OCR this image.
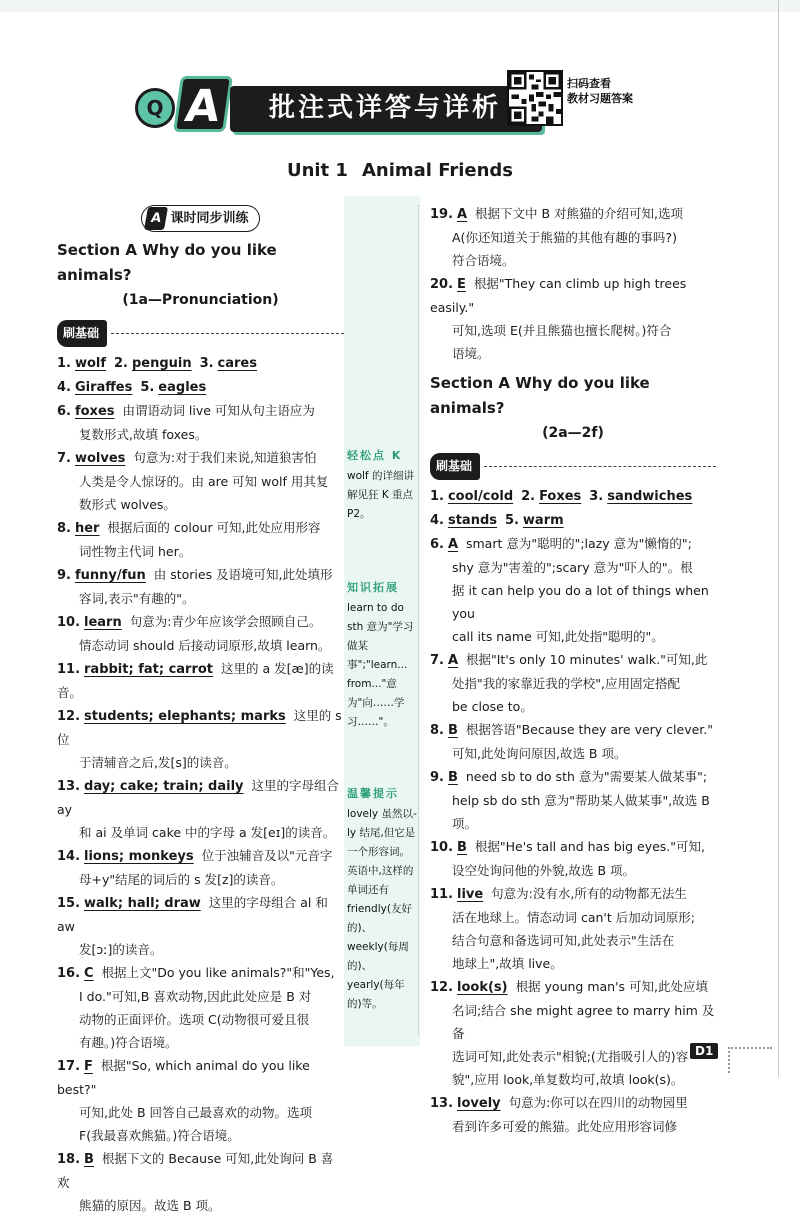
Q A	批注式详答与详析
扫码查看
教材习题答案
Unit 1 Animal Friends
A 课时同步训练
Section A Why do you like animals?
(1a—Pronunciation)
刷基础
1. wolf 2. penguin 3. cares
4. Giraffes 5. eagles
6. foxes 由谓语动词 live 可知从句主语应为
复数形式,故填 foxes。
7. wolves 句意为:对于我们来说,知道狼害怕
人类是令人惊讶的。由 are 可知 wolf 用其复
数形式 wolves。
8. her 根据后面的 colour 可知,此处应用形容
词性物主代词 her。
9. funny/fun 由 stories 及语境可知,此处填形
容词,表示"有趣的"。
10. learn 句意为:青少年应该学会照顾自己。
情态动词 should 后接动词原形,故填 learn。
11. rabbit; fat; carrot 这里的 a 发[æ]的读音。
12. students; elephants; marks 这里的 s 位
于清辅音之后,发[s]的读音。
13. day; cake; train; daily 这里的字母组合 ay
和 ai 及单词 cake 中的字母 a 发[eɪ]的读音。
14. lions; monkeys 位于浊辅音及以"元音字
母+y"结尾的词后的 s 发[z]的读音。
15. walk; hall; draw 这里的字母组合 al 和 aw
发[ɔː]的读音。
16. C 根据上文"Do you like animals?"和"Yes,
I do."可知,B 喜欢动物,因此此处应是 B 对
动物的正面评价。选项 C(动物很可爱且很
有趣。)符合语境。
17. F 根据"So, which animal do you like best?"
可知,此处 B 回答自己最喜欢的动物。选项
F(我最喜欢熊猫。)符合语境。
18. B 根据下文的 Because 可知,此处询问 B 喜欢
熊猫的原因。故选 B 项。
轻松点 K
wolf 的详细讲解见狂 K 重点 P2。
知识拓展
learn to do sth 意为"学习做某事";"learn... from..."意为"向……学习……"。
温馨提示
lovely 虽然以-ly 结尾,但它是一个形容词。英语中,这样的单词还有 friendly(友好的)、weekly(每周的)、yearly(每年的)等。
19. A 根据下文中 B 对熊猫的介绍可知,选项
A(你还知道关于熊猫的其他有趣的事吗?)
符合语境。
20. E 根据"They can climb up high trees easily."
可知,选项 E(并且熊猫也擅长爬树。)符合
语境。
Section A Why do you like animals?
(2a—2f)
刷基础
1. cool/cold 2. Foxes 3. sandwiches
4. stands 5. warm
6. A smart 意为"聪明的";lazy 意为"懒惰的";
shy 意为"害羞的";scary 意为"吓人的"。根
据 it can help you do a lot of things when you
call its name 可知,此处指"聪明的"。
7. A 根据"It's only 10 minutes' walk."可知,此
处指"我的家靠近我的学校",应用固定搭配
be close to。
8. B 根据答语"Because they are very clever."
可知,此处询问原因,故选 B 项。
9. B need sb to do sth 意为"需要某人做某事";
help sb do sth 意为"帮助某人做某事",故选 B
项。
10. B 根据"He's tall and has big eyes."可知,
设空处询问他的外貌,故选 B 项。
11. live 句意为:没有水,所有的动物都无法生
活在地球上。情态动词 can't 后加动词原形;
结合句意和备选词可知,此处表示"生活在
地球上",故填 live。
12. look(s) 根据 young man's 可知,此处应填
名词;结合 she might agree to marry him 及备
选词可知,此处表示"相貌;(尤指吸引人的)容
貌",应用 look,单复数均可,故填 look(s)。
13. lovely 句意为:你可以在四川的动物园里
看到许多可爱的熊猫。此处应用形容词修
D1
